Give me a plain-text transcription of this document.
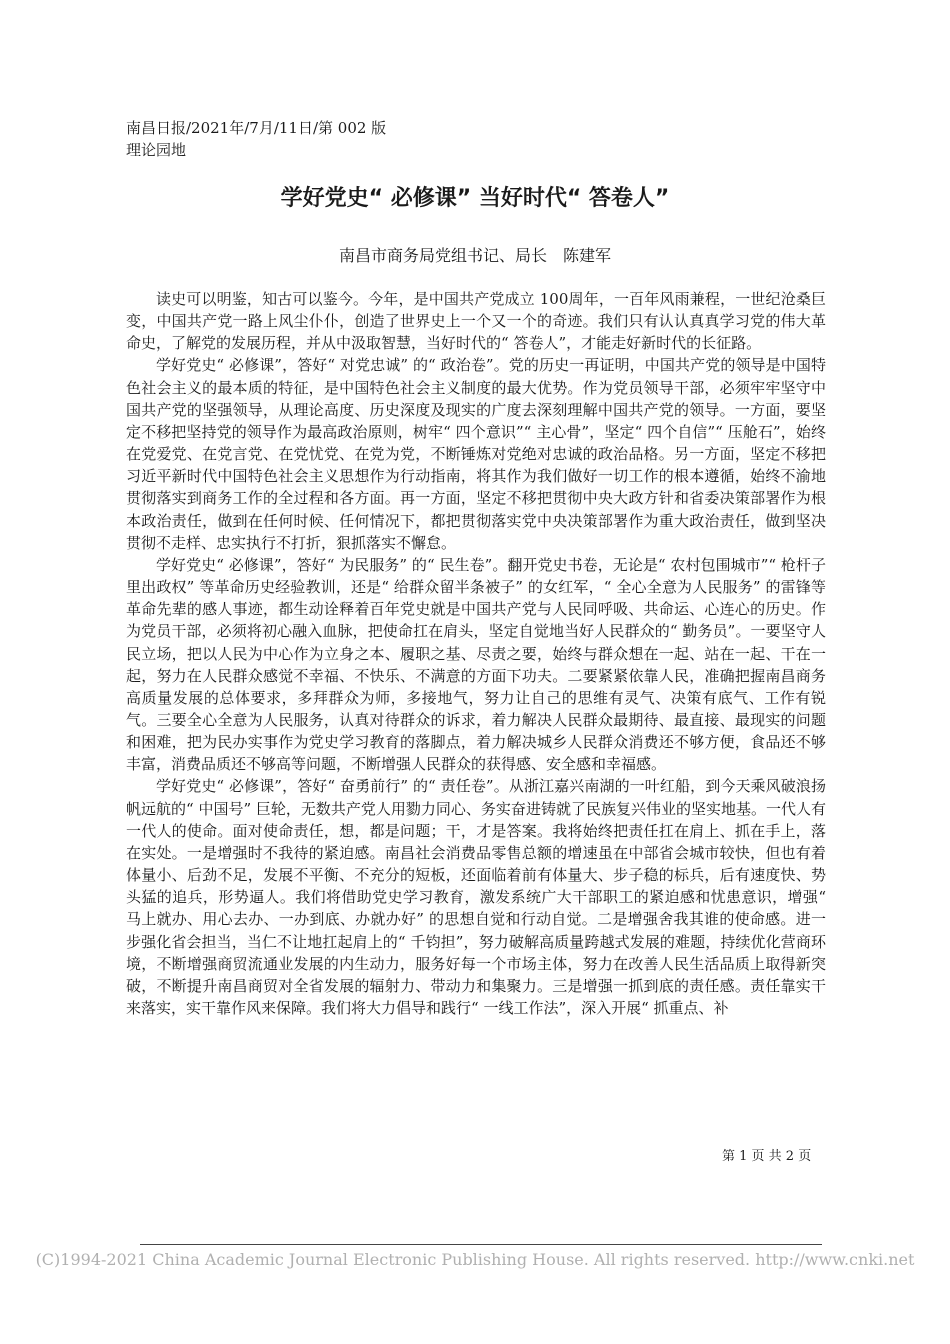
南昌日报/2021年/7月/11日/第 002 版
理论园地
学好党史“ 必修课” 当好时代“ 答卷人”
南昌市商务局党组书记、局长　陈建军

读史可以明鉴，知古可以鉴今。今年，是中国共产党成立 100周年，一百年风雨兼程，一世纪沧桑巨变，中国共产党一路上风尘仆仆，创造了世界史上一个又一个的奇迹。我们只有认认真真学习党的伟大革命史，了解党的发展历程，并从中汲取智慧，当好时代的“ 答卷人”，才能走好新时代的长征路。

学好党史“ 必修课”，答好“ 对党忠诚” 的“ 政治卷”。党的历史一再证明，中国共产党的领导是中国特色社会主义的最本质的特征，是中国特色社会主义制度的最大优势。作为党员领导干部，必须牢牢坚守中国共产党的坚强领导，从理论高度、历史深度及现实的广度去深刻理解中国共产党的领导。一方面，要坚定不移把坚持党的领导作为最高政治原则，树牢“ 四个意识”“ 主心骨”，坚定“ 四个自信”“ 压舱石”，始终在党爱党、在党言党、在党忧党、在党为党，不断锤炼对党绝对忠诚的政治品格。另一方面，坚定不移把习近平新时代中国特色社会主义思想作为行动指南，将其作为我们做好一切工作的根本遵循，始终不渝地贯彻落实到商务工作的全过程和各方面。再一方面，坚定不移把贯彻中央大政方针和省委决策部署作为根本政治责任，做到在任何时候、任何情况下，都把贯彻落实党中央决策部署作为重大政治责任，做到坚决贯彻不走样、忠实执行不打折，狠抓落实不懈怠。

学好党史“ 必修课”，答好“ 为民服务” 的“ 民生卷”。翻开党史书卷，无论是“ 农村包围城市”“ 枪杆子里出政权” 等革命历史经验教训，还是“ 给群众留半条被子” 的女红军，“ 全心全意为人民服务” 的雷锋等革命先辈的感人事迹，都生动诠释着百年党史就是中国共产党与人民同呼吸、共命运、心连心的历史。作为党员干部，必须将初心融入血脉，把使命扛在肩头，坚定自觉地当好人民群众的“ 勤务员”。一要坚守人民立场，把以人民为中心作为立身之本、履职之基、尽责之要，始终与群众想在一起、站在一起、干在一起，努力在人民群众感觉不幸福、不快乐、不满意的方面下功夫。二要紧紧依靠人民，准确把握南昌商务高质量发展的总体要求，多拜群众为师，多接地气，努力让自己的思维有灵气、决策有底气、工作有锐气。三要全心全意为人民服务，认真对待群众的诉求，着力解决人民群众最期待、最直接、最现实的问题和困难，把为民办实事作为党史学习教育的落脚点，着力解决城乡人民群众消费还不够方便，食品还不够丰富，消费品质还不够高等问题，不断增强人民群众的获得感、安全感和幸福感。

学好党史“ 必修课”，答好“ 奋勇前行” 的“ 责任卷”。从浙江嘉兴南湖的一叶红船，到今天乘风破浪扬帆远航的“ 中国号” 巨轮，无数共产党人用勠力同心、务实奋进铸就了民族复兴伟业的坚实地基。一代人有一代人的使命。面对使命责任，想，都是问题；干，才是答案。我将始终把责任扛在肩上、抓在手上，落在实处。一是增强时不我待的紧迫感。南昌社会消费品零售总额的增速虽在中部省会城市较快，但也有着体量小、后劲不足，发展不平衡、不充分的短板，还面临着前有体量大、步子稳的标兵，后有速度快、势头猛的追兵，形势逼人。我们将借助党史学习教育，激发系统广大干部职工的紧迫感和忧患意识，增强“ 马上就办、用心去办、一办到底、办就办好” 的思想自觉和行动自觉。二是增强舍我其谁的使命感。进一步强化省会担当，当仁不让地扛起肩上的“ 千钧担”，努力破解高质量跨越式发展的难题，持续优化营商环境，不断增强商贸流通业发展的内生动力，服务好每一个市场主体，努力在改善人民生活品质上取得新突破，不断提升南昌商贸对全省发展的辐射力、带动力和集聚力。三是增强一抓到底的责任感。责任靠实干来落实，实干靠作风来保障。我们将大力倡导和践行“ 一线工作法”，深入开展“ 抓重点、补

第 1 页 共 2 页
(C)1994-2021 China Academic Journal Electronic Publishing House. All rights reserved. http://www.cnki.net
